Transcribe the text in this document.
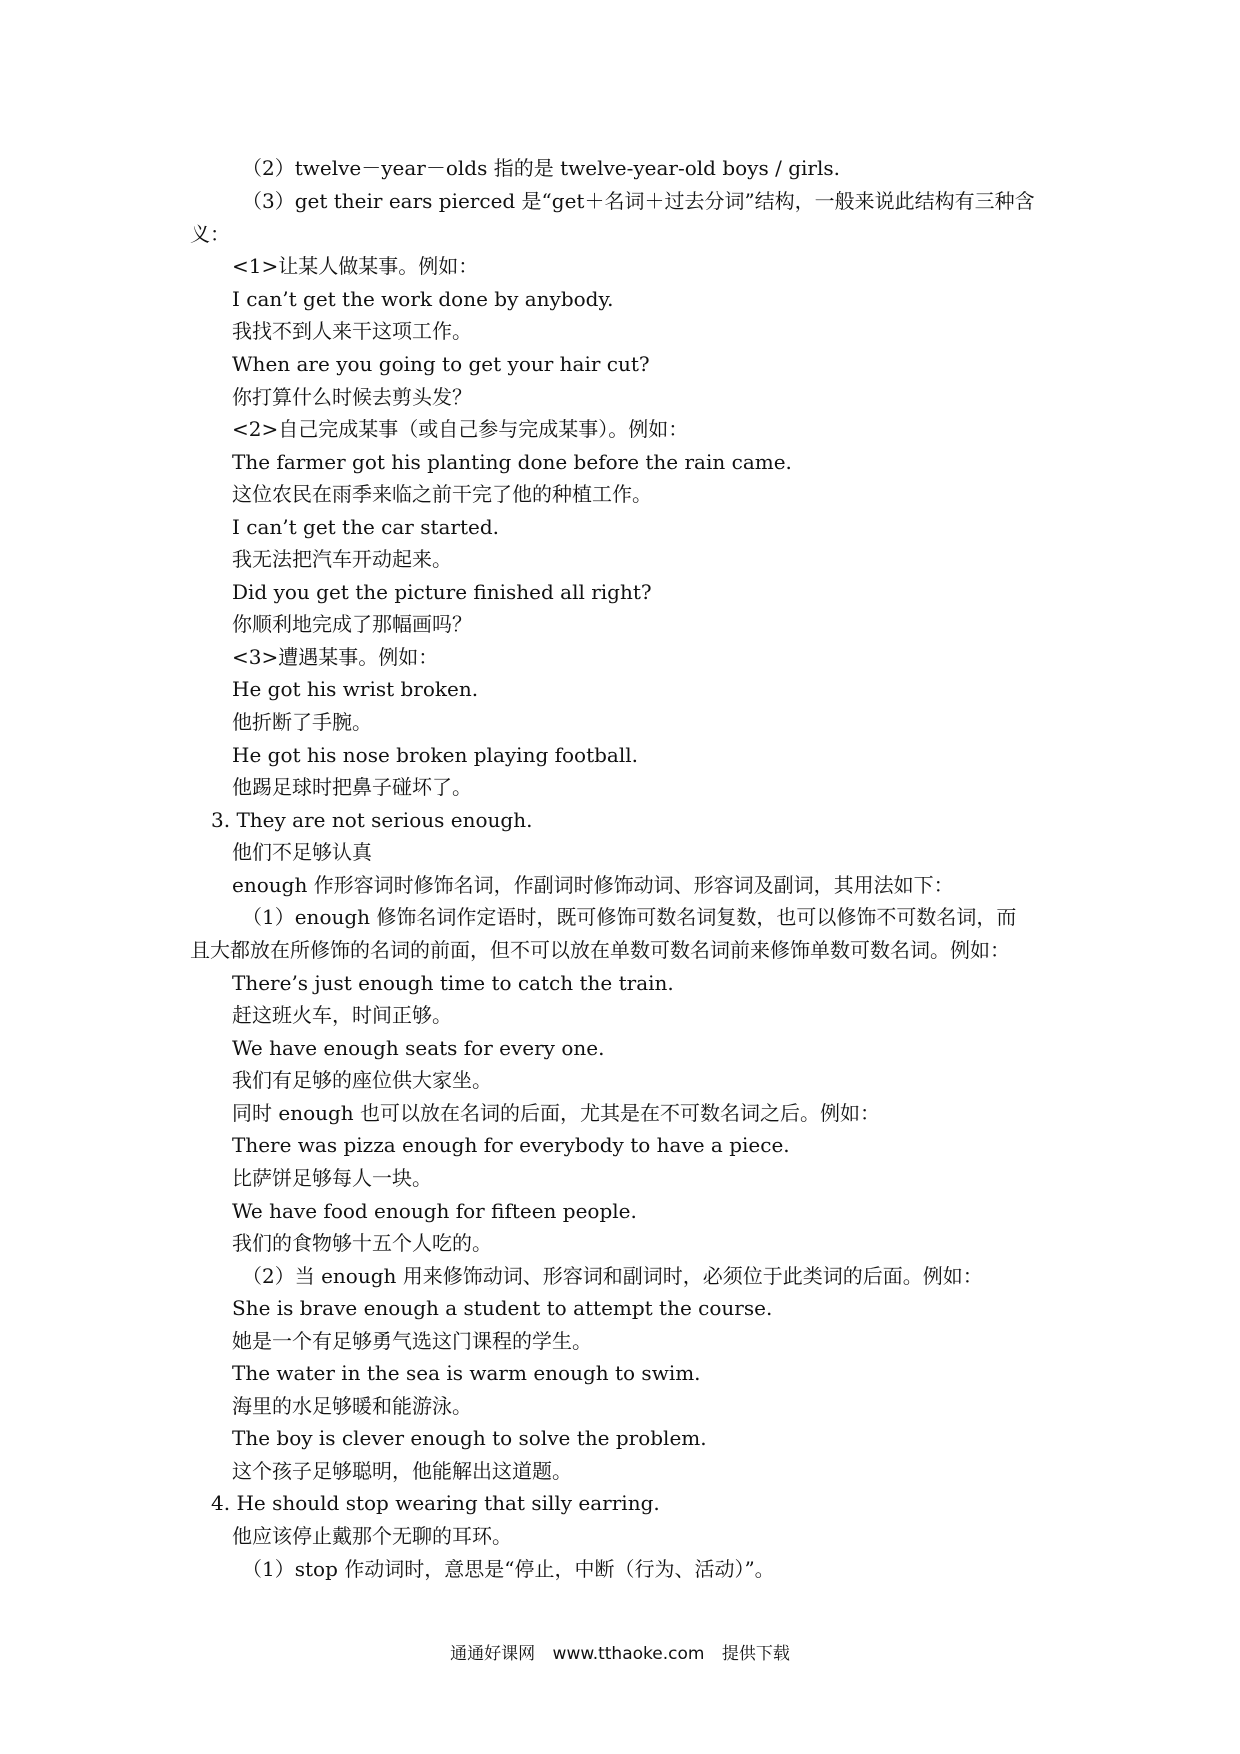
（2）twelve－year－olds 指的是 twelve-year-old boys / girls.
（3）get their ears pierced 是“get＋名词＋过去分词”结构，一般来说此结构有三种含
义：
<1>让某人做某事。例如：
I can’t get the work done by anybody.
我找不到人来干这项工作。
When are you going to get your hair cut?
你打算什么时候去剪头发？
<2>自己完成某事（或自己参与完成某事）。例如：
The farmer got his planting done before the rain came.
这位农民在雨季来临之前干完了他的种植工作。
I can’t get the car started.
我无法把汽车开动起来。
Did you get the picture finished all right?
你顺利地完成了那幅画吗？
<3>遭遇某事。例如：
He got his wrist broken.
他折断了手腕。
He got his nose broken playing football.
他踢足球时把鼻子碰坏了。
3. They are not serious enough.
他们不足够认真
enough 作形容词时修饰名词，作副词时修饰动词、形容词及副词，其用法如下：
（1）enough 修饰名词作定语时，既可修饰可数名词复数，也可以修饰不可数名词，而
且大都放在所修饰的名词的前面，但不可以放在单数可数名词前来修饰单数可数名词。例如：
There’s just enough time to catch the train.
赶这班火车，时间正够。
We have enough seats for every one.
我们有足够的座位供大家坐。
同时 enough 也可以放在名词的后面，尤其是在不可数名词之后。例如：
There was pizza enough for everybody to have a piece.
比萨饼足够每人一块。
We have food enough for fifteen people.
我们的食物够十五个人吃的。
（2）当 enough 用来修饰动词、形容词和副词时，必须位于此类词的后面。例如：
She is brave enough a student to attempt the course.
她是一个有足够勇气选这门课程的学生。
The water in the sea is warm enough to swim.
海里的水足够暖和能游泳。
The boy is clever enough to solve the problem.
这个孩子足够聪明，他能解出这道题。
4. He should stop wearing that silly earring.
他应该停止戴那个无聊的耳环。
（1）stop 作动词时，意思是“停止，中断（行为、活动）”。
通通好课网 www.tthaoke.com 提供下载
